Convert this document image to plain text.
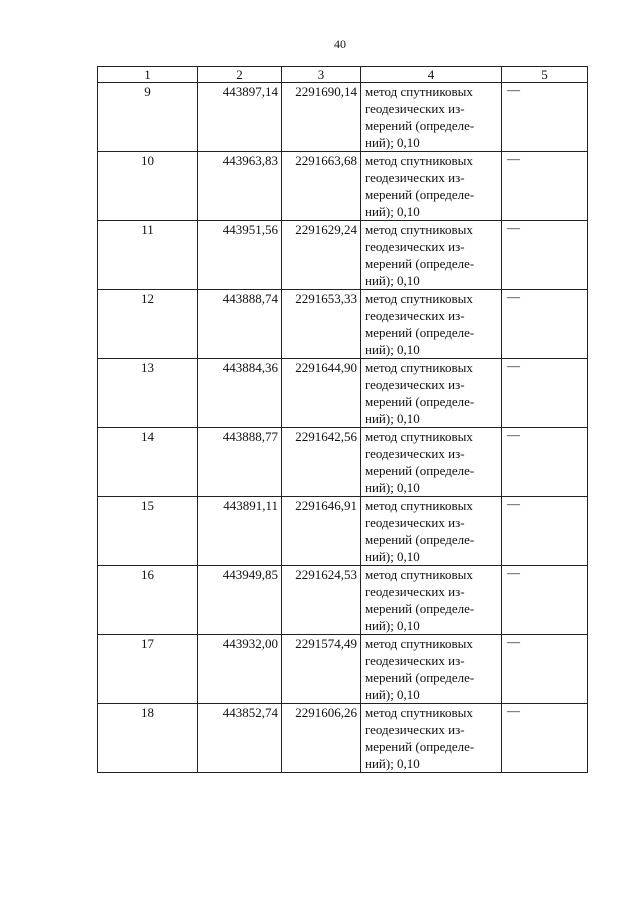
40
1	2	3	4	5
9	443897,14	2291690,14	метод спутниковых
геодезических из-
мерений (определе-
ний); 0,10	—
10	443963,83	2291663,68	метод спутниковых
геодезических из-
мерений (определе-
ний); 0,10	—
11	443951,56	2291629,24	метод спутниковых
геодезических из-
мерений (определе-
ний); 0,10	—
12	443888,74	2291653,33	метод спутниковых
геодезических из-
мерений (определе-
ний); 0,10	—
13	443884,36	2291644,90	метод спутниковых
геодезических из-
мерений (определе-
ний); 0,10	—
14	443888,77	2291642,56	метод спутниковых
геодезических из-
мерений (определе-
ний); 0,10	—
15	443891,11	2291646,91	метод спутниковых
геодезических из-
мерений (определе-
ний); 0,10	—
16	443949,85	2291624,53	метод спутниковых
геодезических из-
мерений (определе-
ний); 0,10	—
17	443932,00	2291574,49	метод спутниковых
геодезических из-
мерений (определе-
ний); 0,10	—
18	443852,74	2291606,26	метод спутниковых
геодезических из-
мерений (определе-
ний); 0,10	—
